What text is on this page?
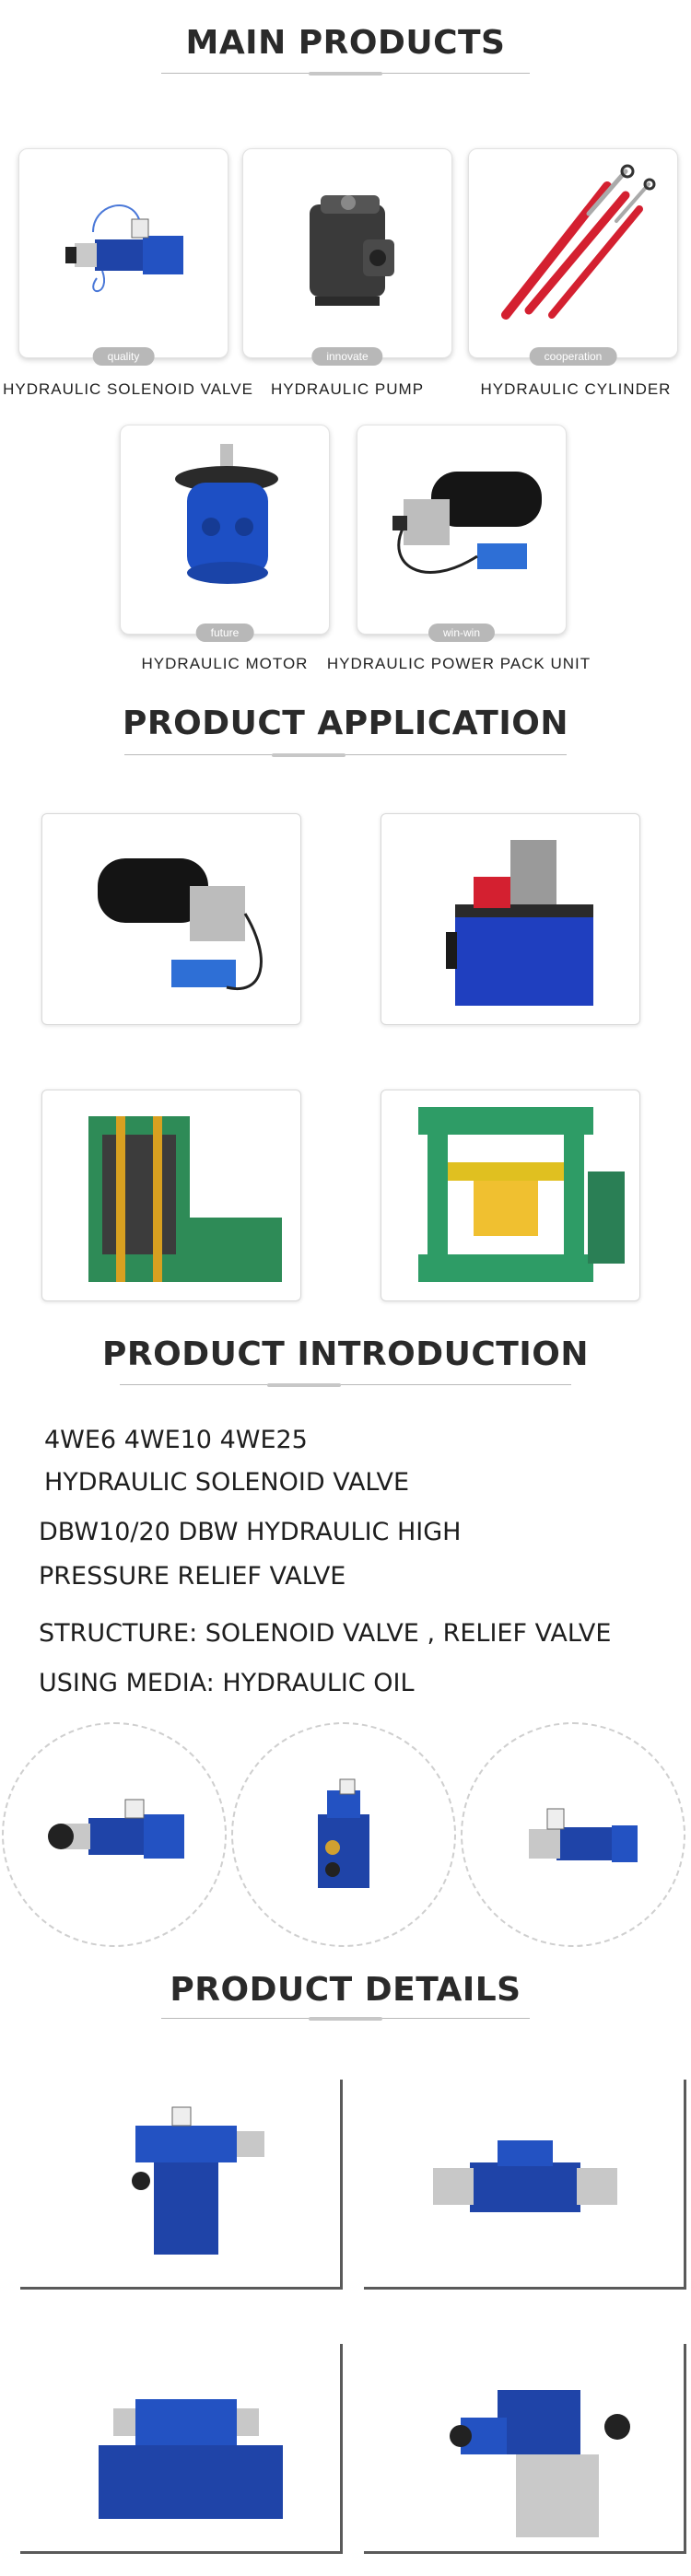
MAIN PRODUCTS
quality
HYDRAULIC SOLENOID VALVE
innovate
HYDRAULIC PUMP
cooperation
HYDRAULIC CYLINDER
future
HYDRAULIC MOTOR
win-win
HYDRAULIC POWER PACK UNIT
PRODUCT APPLICATION
PRODUCT INTRODUCTION
4WE6 4WE10 4WE25
HYDRAULIC SOLENOID VALVE
DBW10/20 DBW HYDRAULIC HIGH
PRESSURE RELIEF VALVE
STRUCTURE: SOLENOID VALVE , RELIEF VALVE
USING MEDIA: HYDRAULIC OIL
PRODUCT DETAILS
